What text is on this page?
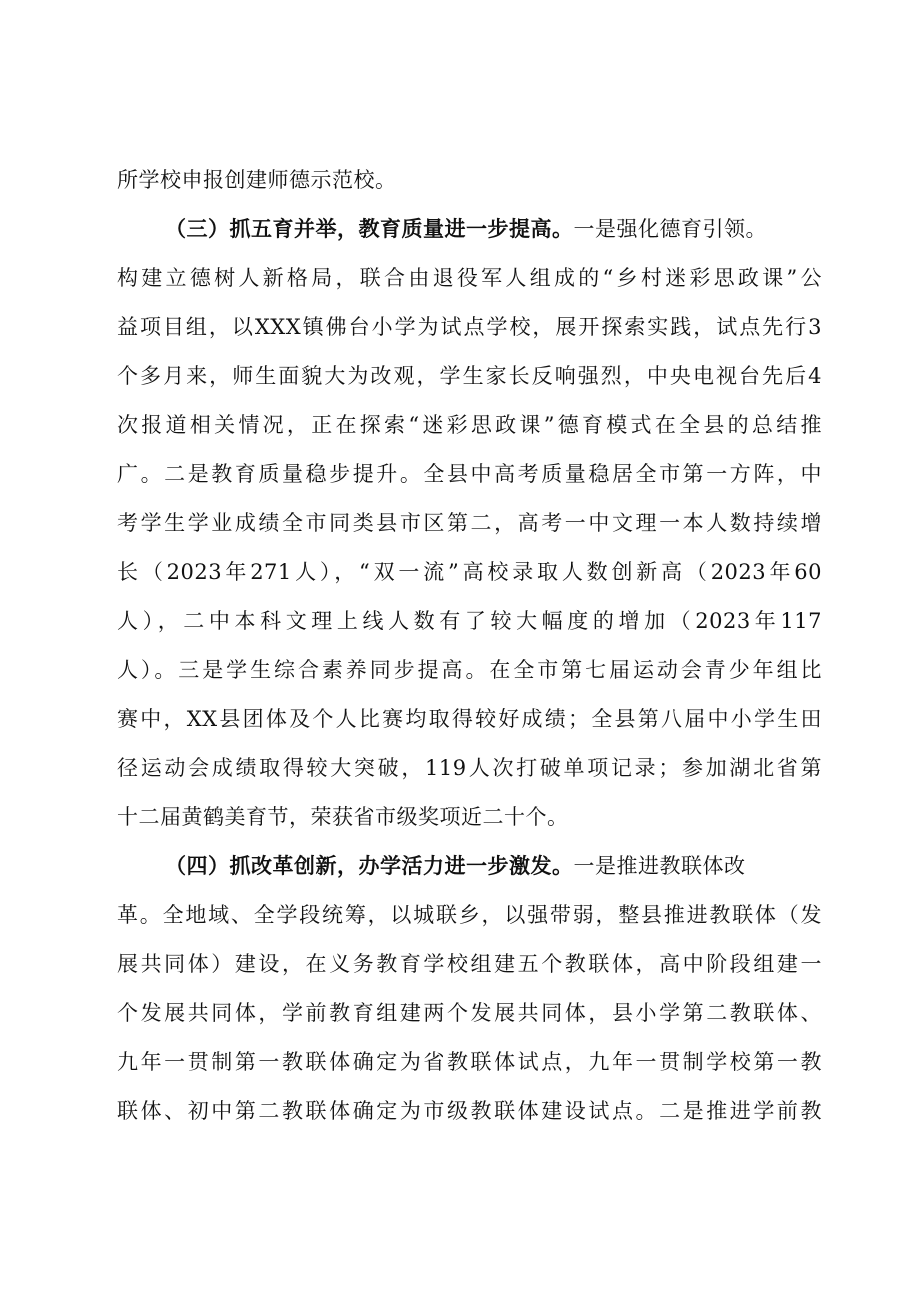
所学校申报创建师德示范校。
（三）抓五育并举，教育质量进一步提高。一是强化德育引领。
构建立德树人新格局，联合由退役军人组成的“乡村迷彩思政课”公
益项目组，以XXX镇佛台小学为试点学校，展开探索实践，试点先行3
个多月来，师生面貌大为改观，学生家长反响强烈，中央电视台先后4
次报道相关情况，正在探索“迷彩思政课”德育模式在全县的总结推
广。二是教育质量稳步提升。全县中高考质量稳居全市第一方阵，中
考学生学业成绩全市同类县市区第二，高考一中文理一本人数持续增
长（2023年271人），“双一流”高校录取人数创新高（2023年60
人），二中本科文理上线人数有了较大幅度的增加（2023年117
人）。三是学生综合素养同步提高。在全市第七届运动会青少年组比
赛中，XX县团体及个人比赛均取得较好成绩；全县第八届中小学生田
径运动会成绩取得较大突破，119人次打破单项记录；参加湖北省第
十二届黄鹤美育节，荣获省市级奖项近二十个。
（四）抓改革创新，办学活力进一步激发。一是推进教联体改
革。全地域、全学段统筹，以城联乡，以强带弱，整县推进教联体（发
展共同体）建设，在义务教育学校组建五个教联体，高中阶段组建一
个发展共同体，学前教育组建两个发展共同体，县小学第二教联体、
九年一贯制第一教联体确定为省教联体试点，九年一贯制学校第一教
联体、初中第二教联体确定为市级教联体建设试点。二是推进学前教
